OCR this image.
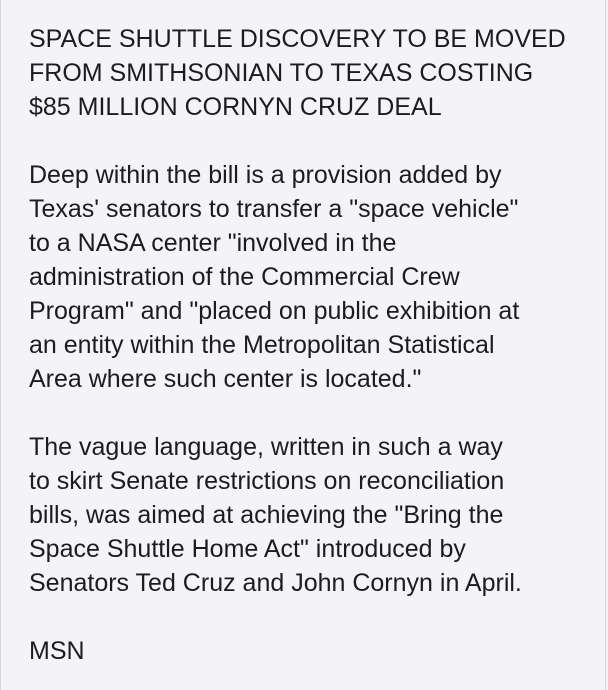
SPACE SHUTTLE DISCOVERY TO BE MOVED
FROM SMITHSONIAN TO TEXAS COSTING
$85 MILLION CORNYN CRUZ DEAL

Deep within the bill is a provision added by
Texas' senators to transfer a "space vehicle"
to a NASA center "involved in the
administration of the Commercial Crew
Program" and "placed on public exhibition at
an entity within the Metropolitan Statistical
Area where such center is located."

The vague language, written in such a way
to skirt Senate restrictions on reconciliation
bills, was aimed at achieving the "Bring the
Space Shuttle Home Act" introduced by
Senators Ted Cruz and John Cornyn in April.

MSN
